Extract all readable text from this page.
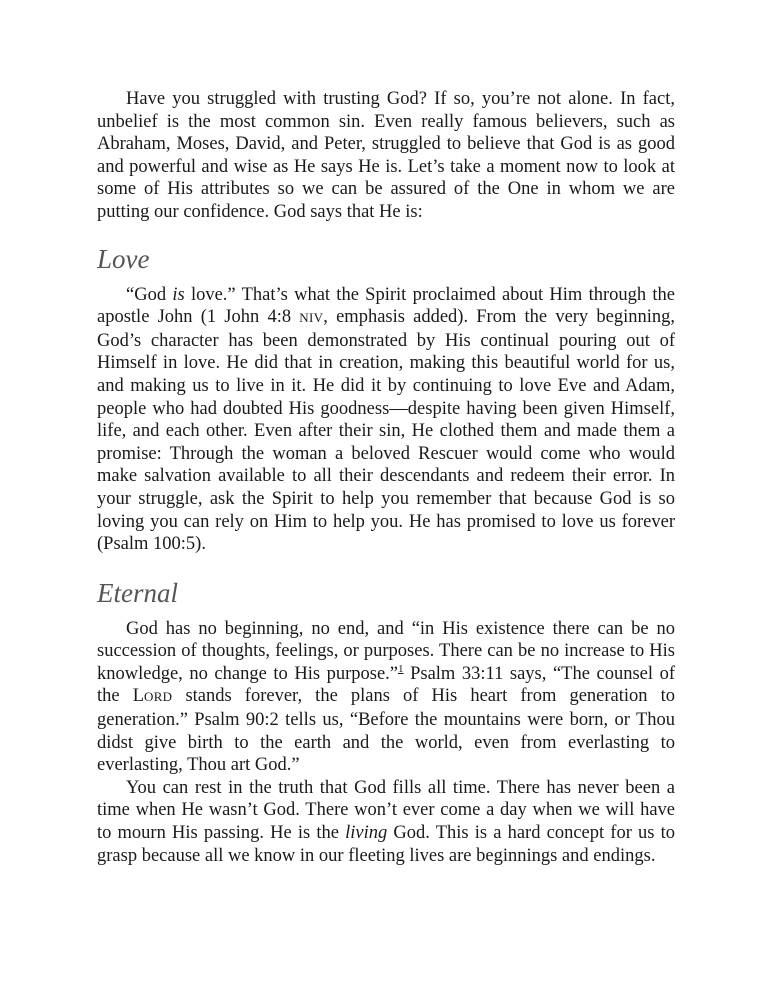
Have you struggled with trusting God? If so, you’re not alone. In fact, unbelief is the most common sin. Even really famous believers, such as Abraham, Moses, David, and Peter, struggled to believe that God is as good and powerful and wise as He says He is. Let’s take a moment now to look at some of His attributes so we can be assured of the One in whom we are putting our confidence. God says that He is:

Love

“God is love.” That’s what the Spirit proclaimed about Him through the apostle John (1 John 4:8 NIV, emphasis added). From the very beginning, God’s character has been demonstrated by His continual pouring out of Himself in love. He did that in creation, making this beautiful world for us, and making us to live in it. He did it by continuing to love Eve and Adam, people who had doubted His goodness—despite having been given Himself, life, and each other. Even after their sin, He clothed them and made them a promise: Through the woman a beloved Rescuer would come who would make salvation available to all their descendants and redeem their error. In your struggle, ask the Spirit to help you remember that because God is so loving you can rely on Him to help you. He has promised to love us forever (Psalm 100:5).

Eternal

God has no beginning, no end, and “in His existence there can be no succession of thoughts, feelings, or purposes. There can be no increase to His knowledge, no change to His purpose.”$^1$ Psalm 33:11 says, “The counsel of the LORD stands forever, the plans of His heart from generation to generation.” Psalm 90:2 tells us, “Before the mountains were born, or Thou didst give birth to the earth and the world, even from everlasting to everlasting, Thou art God.”

You can rest in the truth that God fills all time. There has never been a time when He wasn’t God. There won’t ever come a day when we will have to mourn His passing. He is the living God. This is a hard concept for us to grasp because all we know in our fleeting lives are beginnings and endings.
